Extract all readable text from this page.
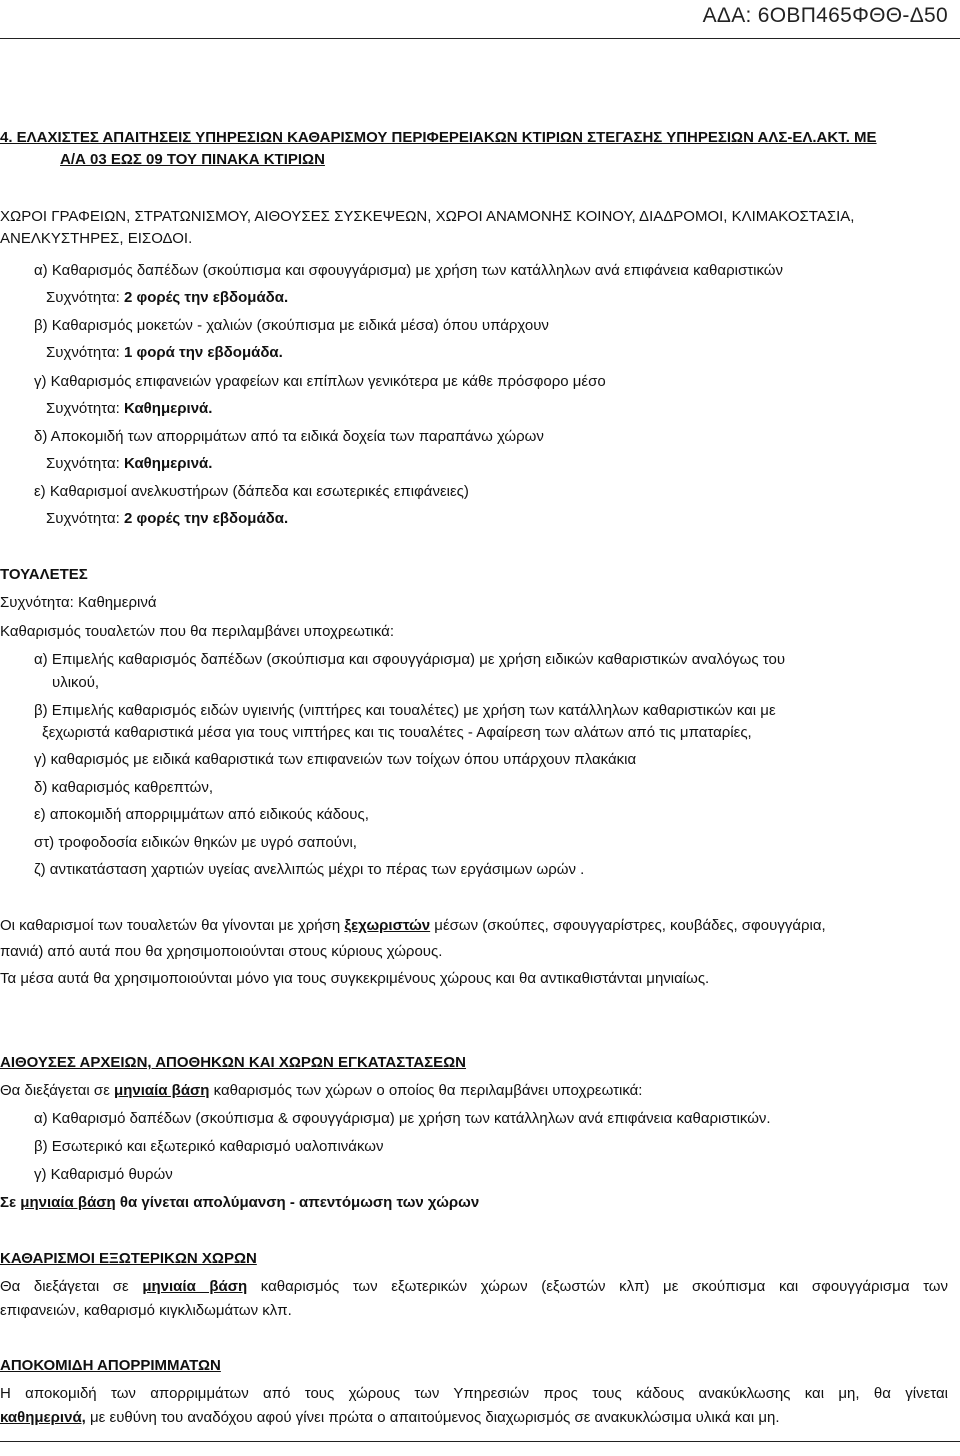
ΑΔΑ: 6ΟΒΠ465ΦΘΘ-Δ50
4. ΕΛΑΧΙΣΤΕΣ ΑΠΑΙΤΗΣΕΙΣ ΥΠΗΡΕΣΙΩΝ ΚΑΘΑΡΙΣΜΟΥ ΠΕΡΙΦΕΡΕΙΑΚΩΝ ΚΤΙΡΙΩΝ ΣΤΕΓΑΣΗΣ ΥΠΗΡΕΣΙΩΝ ΑΛΣ-ΕΛ.ΑΚΤ. ΜΕ
Α/Α 03 ΕΩΣ 09 ΤΟΥ ΠΙΝΑΚΑ ΚΤΙΡΙΩΝ
ΧΩΡΟΙ ΓΡΑΦΕΙΩΝ, ΣΤΡΑΤΩΝΙΣΜΟΥ, ΑΙΘΟΥΣΕΣ ΣΥΣΚΕΨΕΩΝ, ΧΩΡΟΙ ΑΝΑΜΟΝΗΣ ΚΟΙΝΟΥ, ΔΙΑΔΡΟΜΟΙ, ΚΛΙΜΑΚΟΣΤΑΣΙΑ,
ΑΝΕΛΚΥΣΤΗΡΕΣ, ΕΙΣΟΔΟΙ.
α) Καθαρισμός δαπέδων (σκούπισμα και σφουγγάρισμα) με χρήση των κατάλληλων ανά επιφάνεια καθαριστικών
Συχνότητα: 2 φορές την εβδομάδα.
β) Καθαρισμός μοκετών - χαλιών (σκούπισμα με ειδικά μέσα) όπου υπάρχουν
Συχνότητα: 1 φορά την εβδομάδα.
γ) Καθαρισμός επιφανειών γραφείων και επίπλων γενικότερα με κάθε πρόσφορο μέσο
Συχνότητα: Καθημερινά.
δ) Αποκομιδή των απορριμάτων από τα ειδικά δοχεία των παραπάνω χώρων
Συχνότητα: Καθημερινά.
ε) Καθαρισμοί ανελκυστήρων (δάπεδα και εσωτερικές επιφάνειες)
Συχνότητα: 2 φορές την εβδομάδα.
ΤΟΥΑΛΕΤΕΣ
Συχνότητα: Καθημερινά
Καθαρισμός τουαλετών που θα περιλαμβάνει υποχρεωτικά:
α) Επιμελής καθαρισμός δαπέδων (σκούπισμα και σφουγγάρισμα) με χρήση ειδικών καθαριστικών αναλόγως του
υλικού,
β) Επιμελής καθαρισμός ειδών υγιεινής (νιπτήρες και τουαλέτες) με χρήση των κατάλληλων καθαριστικών και με
ξεχωριστά καθαριστικά μέσα για τους νιπτήρες και τις τουαλέτες - Αφαίρεση των αλάτων από τις μπαταρίες,
γ) καθαρισμός με ειδικά καθαριστικά των επιφανειών των τοίχων όπου υπάρχουν πλακάκια
δ) καθαρισμός καθρεπτών,
ε) αποκομιδή απορριμμάτων από ειδικούς κάδους,
στ) τροφοδοσία ειδικών θηκών με υγρό σαπούνι,
ζ) αντικατάσταση χαρτιών υγείας ανελλιπώς μέχρι το πέρας των εργάσιμων ωρών .
Οι καθαρισμοί των τουαλετών θα γίνονται με χρήση ξεχωριστών μέσων (σκούπες, σφουγγαρίστρες, κουβάδες, σφουγγάρια,
πανιά) από αυτά που θα χρησιμοποιούνται στους κύριους χώρους.
Τα μέσα αυτά θα χρησιμοποιούνται μόνο για τους συγκεκριμένους χώρους και θα αντικαθιστάνται μηνιαίως.
ΑΙΘΟΥΣΕΣ ΑΡΧΕΙΩΝ, ΑΠΟΘΗΚΩΝ ΚΑΙ ΧΩΡΩΝ ΕΓΚΑΤΑΣΤΑΣΕΩΝ
Θα διεξάγεται σε μηνιαία βάση καθαρισμός των χώρων ο οποίος θα περιλαμβάνει υποχρεωτικά:
α) Καθαρισμό δαπέδων (σκούπισμα & σφουγγάρισμα) με χρήση των κατάλληλων ανά επιφάνεια καθαριστικών.
β) Εσωτερικό και εξωτερικό καθαρισμό υαλοπινάκων
γ) Καθαρισμό θυρών
Σε μηνιαία βάση θα γίνεται απολύμανση - απεντόμωση των χώρων
ΚΑΘΑΡΙΣΜΟΙ ΕΞΩΤΕΡΙΚΩΝ ΧΩΡΩΝ
Θα διεξάγεται σε μηνιαία βάση καθαρισμός των εξωτερικών χώρων (εξωστών κλπ) με σκούπισμα και σφουγγάρισμα των
επιφανειών, καθαρισμό κιγκλιδωμάτων κλπ.
ΑΠΟΚΟΜΙΔΗ ΑΠΟΡΡΙΜΜΑΤΩΝ
Η αποκομιδή των απορριμμάτων από τους χώρους των Υπηρεσιών προς τους κάδους ανακύκλωσης και μη, θα γίνεται
καθημερινά, με ευθύνη του αναδόχου αφού γίνει πρώτα ο απαιτούμενος διαχωρισμός σε ανακυκλώσιμα υλικά και μη.
